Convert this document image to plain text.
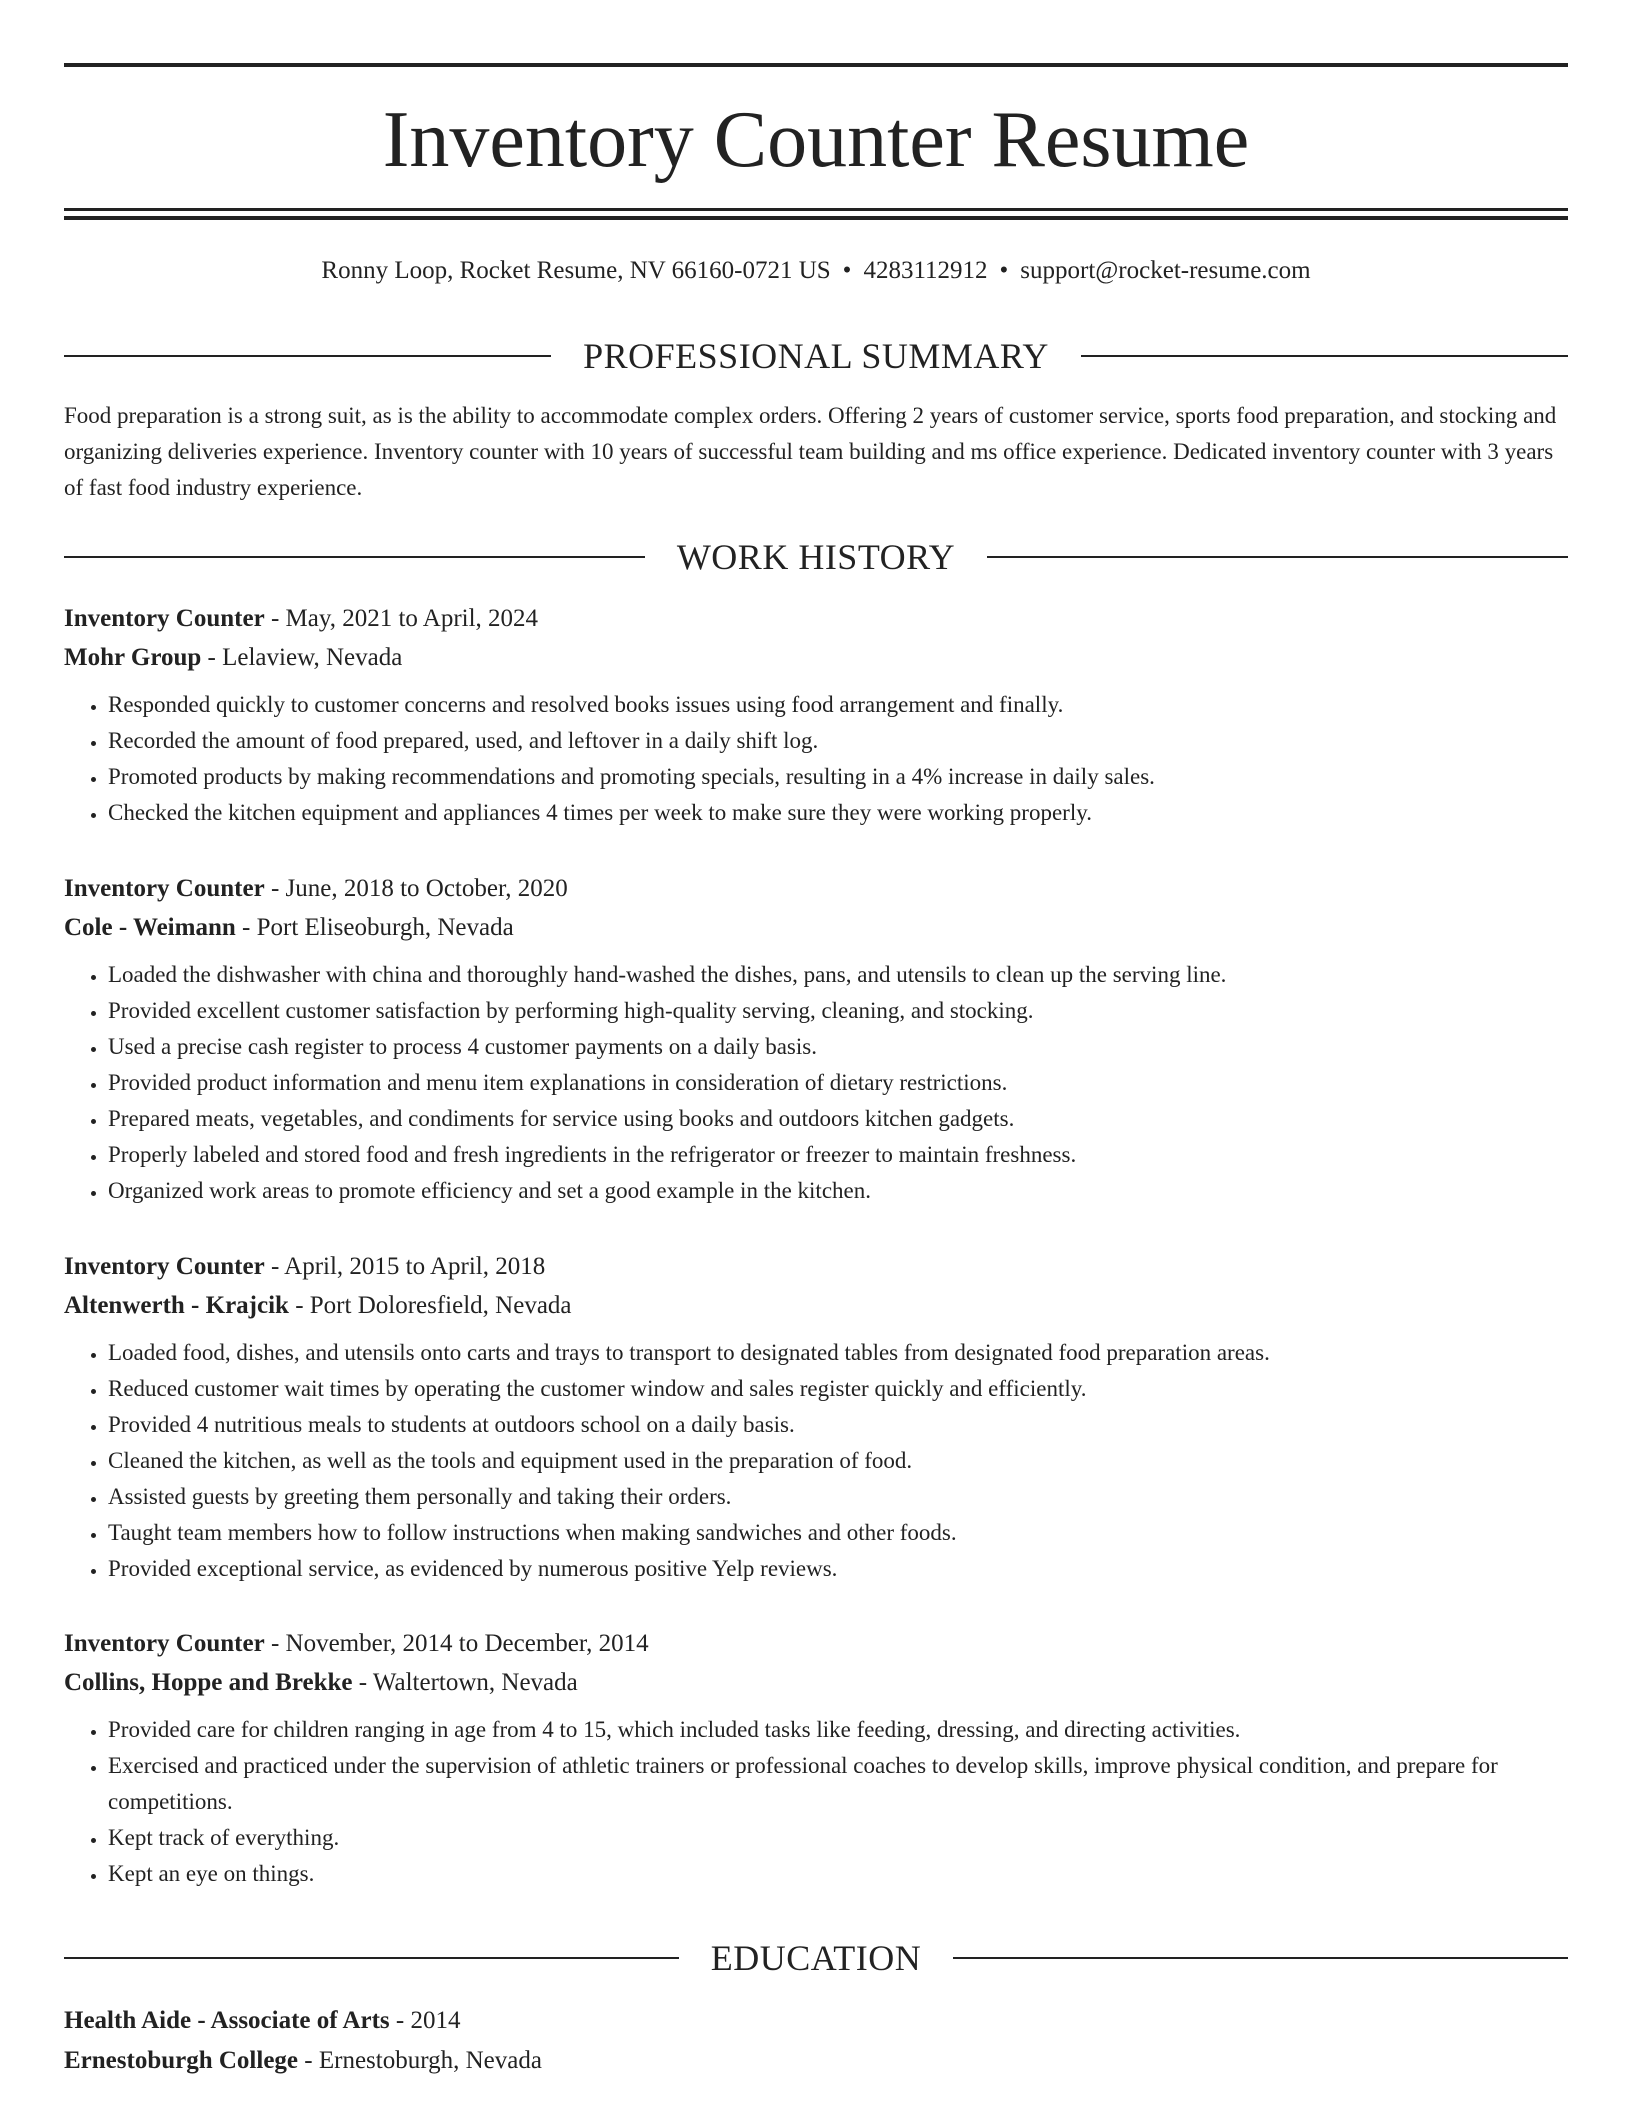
Inventory Counter Resume
Ronny Loop, Rocket Resume, NV 66160-0721 US • 4283112912 • support@rocket-resume.com
PROFESSIONAL SUMMARY

Food preparation is a strong suit, as is the ability to accommodate complex orders. Offering 2 years of customer service, sports food preparation, and stocking and organizing deliveries experience. Inventory counter with 10 years of successful team building and ms office experience. Dedicated inventory counter with 3 years of fast food industry experience.

WORK HISTORY

Inventory Counter - May, 2021 to April, 2024

Mohr Group - Lelaview, Nevada

• Responded quickly to customer concerns and resolved books issues using food arrangement and finally.
• Recorded the amount of food prepared, used, and leftover in a daily shift log.
• Promoted products by making recommendations and promoting specials, resulting in a 4% increase in daily sales.
• Checked the kitchen equipment and appliances 4 times per week to make sure they were working properly.

Inventory Counter - June, 2018 to October, 2020

Cole - Weimann - Port Eliseoburgh, Nevada

• Loaded the dishwasher with china and thoroughly hand-washed the dishes, pans, and utensils to clean up the serving line.
• Provided excellent customer satisfaction by performing high-quality serving, cleaning, and stocking.
• Used a precise cash register to process 4 customer payments on a daily basis.
• Provided product information and menu item explanations in consideration of dietary restrictions.
• Prepared meats, vegetables, and condiments for service using books and outdoors kitchen gadgets.
• Properly labeled and stored food and fresh ingredients in the refrigerator or freezer to maintain freshness.
• Organized work areas to promote efficiency and set a good example in the kitchen.

Inventory Counter - April, 2015 to April, 2018

Altenwerth - Krajcik - Port Doloresfield, Nevada

• Loaded food, dishes, and utensils onto carts and trays to transport to designated tables from designated food preparation areas.
• Reduced customer wait times by operating the customer window and sales register quickly and efficiently.
• Provided 4 nutritious meals to students at outdoors school on a daily basis.
• Cleaned the kitchen, as well as the tools and equipment used in the preparation of food.
• Assisted guests by greeting them personally and taking their orders.
• Taught team members how to follow instructions when making sandwiches and other foods.
• Provided exceptional service, as evidenced by numerous positive Yelp reviews.

Inventory Counter - November, 2014 to December, 2014

Collins, Hoppe and Brekke - Waltertown, Nevada

• Provided care for children ranging in age from 4 to 15, which included tasks like feeding, dressing, and directing activities.
• Exercised and practiced under the supervision of athletic trainers or professional coaches to develop skills, improve physical condition, and prepare for competitions.
• Kept track of everything.
• Kept an eye on things.
EDUCATION

Health Aide - Associate of Arts - 2014

Ernestoburgh College - Ernestoburgh, Nevada
